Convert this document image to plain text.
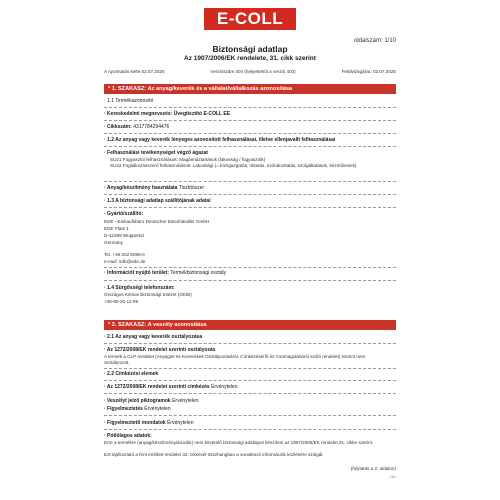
E-COLL
oldalszám: 1/10
Biztonsági adatlap
Az 1907/2006/EK rendelete, 31. cikk szerint
A nyomtatás kelte 02.07.2025	Verziószám 404 (helyettesíti a verzió 403)	Felülvizsgálva: 02.07.2025
* 1. SZAKASZ: Az anyag/keverék és a vállalat/vállalkozás azonosítása
· 1.1 Termékazonosító
· Kereskedelmi megnevezés: Üvegtisztító E-COLL EE
· Cikkszám: 4317784294476
· 1.2 Az anyag vagy keverék lényeges azonosított felhasználásai, illetve ellenjavallt felhasználásai
· Felhasználási tevékenységet végző ágazat
SU21 Fogyasztói felhasználások: Magánháztartások (lakosság / fogyasztók)
SU22 Foglalkozásszerű felhasználások: Lakossági (= közigazgatás, oktatás, szórakoztatás, szolgáltatások, kézművesek)
· Anyag/készítmény használata Tisztítószer
· 1.3 A biztonsági adatlap szállítójának adatai
· Gyártó/szállító:
EDE - Einkaufsbüro Deutscher Eisenhändler GmbH
EDE Platz 1
D-42389 Wuppertal
Germany
Tel. +49 202 6096-0
e-mail: sdb@ede.de
· Információt nyújtó terület: Termékbiztonsági osztály
· 1.4 Sürgősségi telefonszám:
Országos Kémiai Biztonsági Intézet (OKBI)
+36-80-20-11-99
* 2. SZAKASZ: A veszély azonosítása
· 2.1 Az anyag vagy keverék osztályozása
· Az 1272/2008/EK rendelet szerinti osztályozás
A termék a CLP rendelet (Anyagok és Keverékek Osztályozásáról, Címkézéséről és Csomagolásáról szóló rendelet) szerint nem osztályozott.
· 2.2 Címkézési elemek
· Az 1272/2008/EK rendelet szerinti címkézés Érvénytelen
· Veszélyt jelző piktogramok Érvénytelen
· Figyelmeztetés Érvénytelen
· Figyelmeztető mondatok Érvénytelen
· Pótlólagos adatok:
Erre a termékre (anyag/készítmény/árucikk) nem követelő biztonsági adatlapot készíteni az 1907/2006/EK rendelet 31. cikke szerint.
Ezt tájékoztató a fent említett rendelet 32. cikkével összhangban a vonatkozó információk közlésére szolgál.
(folytatás a 2. oldalon)
HU
